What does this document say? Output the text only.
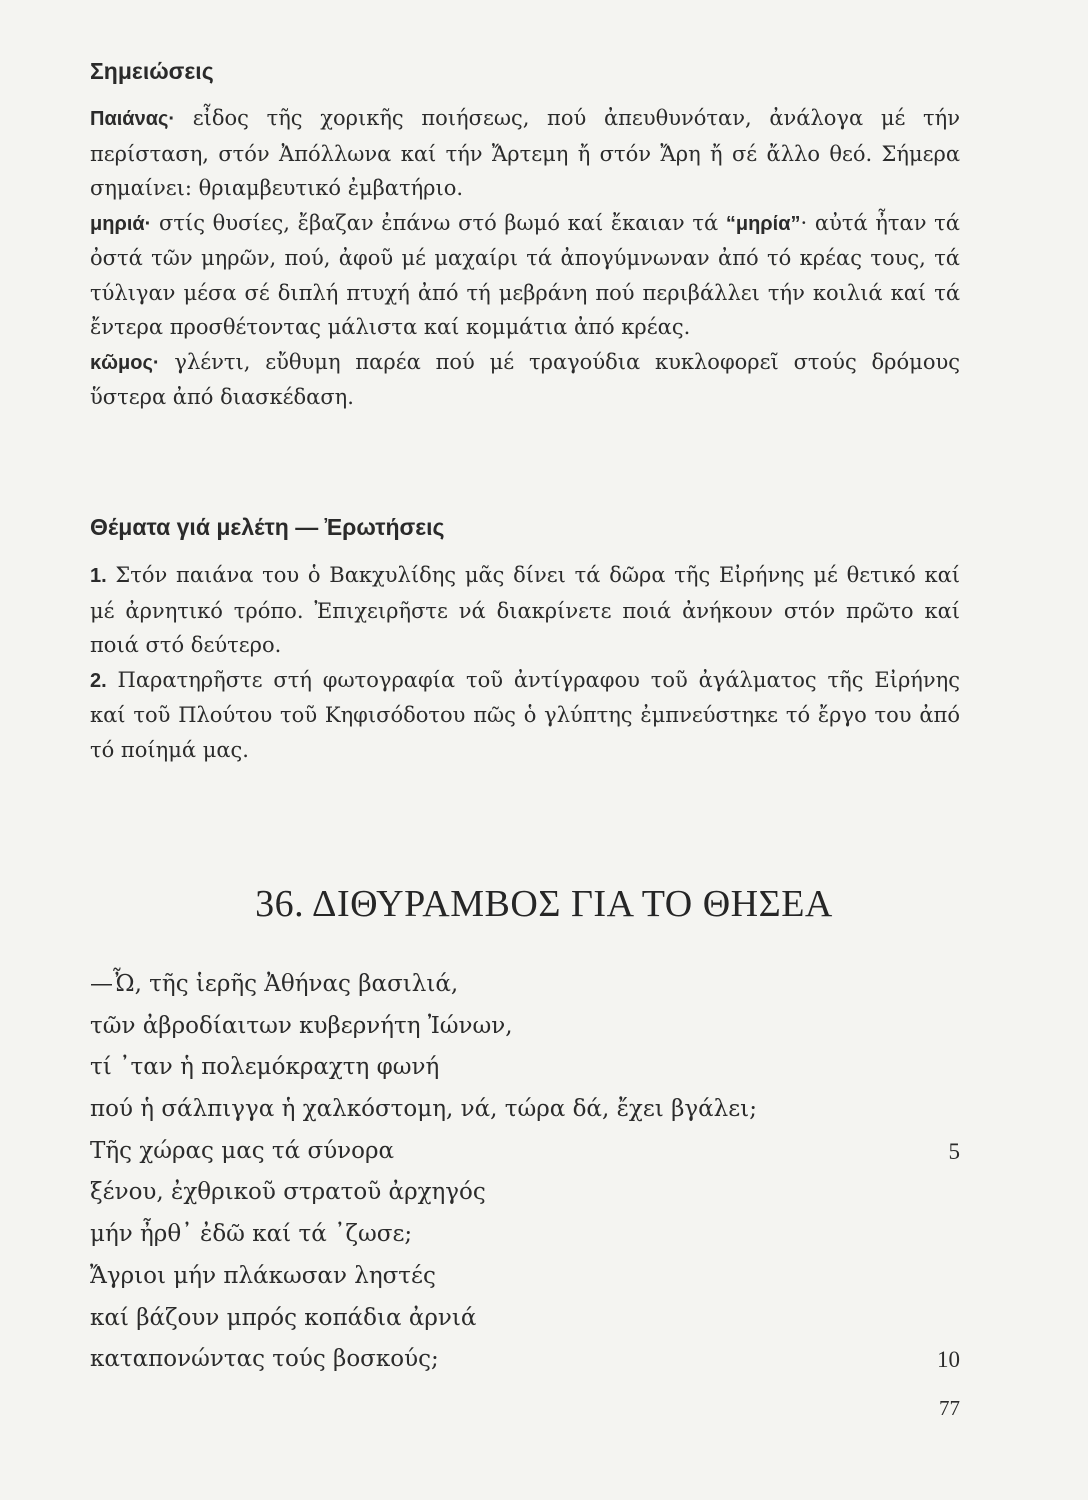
Σημειώσεις

Παιάνας· εἶδος τῆς χορικῆς ποιήσεως, πού ἀπευθυνόταν, ἀνάλογα μέ τήν περίσταση, στόν Ἀπόλλωνα καί τήν Ἄρτεμη ἤ στόν Ἄρη ἤ σέ ἄλλο θεό. Σήμερα σημαίνει: θριαμβευτικό ἐμβατήριο.

μηριά· στίς θυσίες, ἔβαζαν ἐπάνω στό βωμό καί ἔκαιαν τά “μηρία”· αὐτά ἦταν τά ὀστά τῶν μηρῶν, πού, ἀφοῦ μέ μαχαίρι τά ἀπογύμνωναν ἀπό τό κρέας τους, τά τύλιγαν μέσα σέ διπλή πτυχή ἀπό τή μεβράνη πού περιβάλλει τήν κοιλιά καί τά ἔντερα προσθέτοντας μάλιστα καί κομμάτια ἀπό κρέας.

κῶμος· γλέντι, εὔθυμη παρέα πού μέ τραγούδια κυκλοφορεῖ στούς δρόμους ὕστερα ἀπό διασκέδαση.

Θέματα γιά μελέτη — Ἐρωτήσεις

1. Στόν παιάνα του ὁ Βακχυλίδης μᾶς δίνει τά δῶρα τῆς Εἰρήνης μέ θετικό καί μέ ἀρνητικό τρόπο. Ἐπιχειρῆστε νά διακρίνετε ποιά ἀνήκουν στόν πρῶτο καί ποιά στό δεύτερο.

2. Παρατηρῆστε στή φωτογραφία τοῦ ἀντίγραφου τοῦ ἀγάλματος τῆς Εἰρήνης καί τοῦ Πλούτου τοῦ Κηφισόδοτου πῶς ὁ γλύπτης ἐμπνεύστηκε τό ἔργο του ἀπό τό ποίημά μας.

36. ΔΙΘΥΡΑΜΒΟΣ ΓΙΑ ΤΟ ΘΗΣΕΑ
—Ὦ, τῆς ἱερῆς Ἀθήνας βασιλιά,
τῶν ἀβροδίαιτων κυβερνήτη Ἰώνων,
τί ᾽ταν ἡ πολεμόκραχτη φωνή
πού ἡ σάλπιγγα ἡ χαλκόστομη, νά, τώρα δά, ἔχει βγάλει;
Τῆς χώρας μας τά σύνορα	5
ξένου, ἐχθρικοῦ στρατοῦ ἀρχηγός
μήν ἦρθ᾽ ἐδῶ καί τά ᾽ζωσε;
Ἄγριοι μήν πλάκωσαν ληστές
καί βάζουν μπρός κοπάδια ἀρνιά
καταπονώντας τούς βοσκούς;	10
77
